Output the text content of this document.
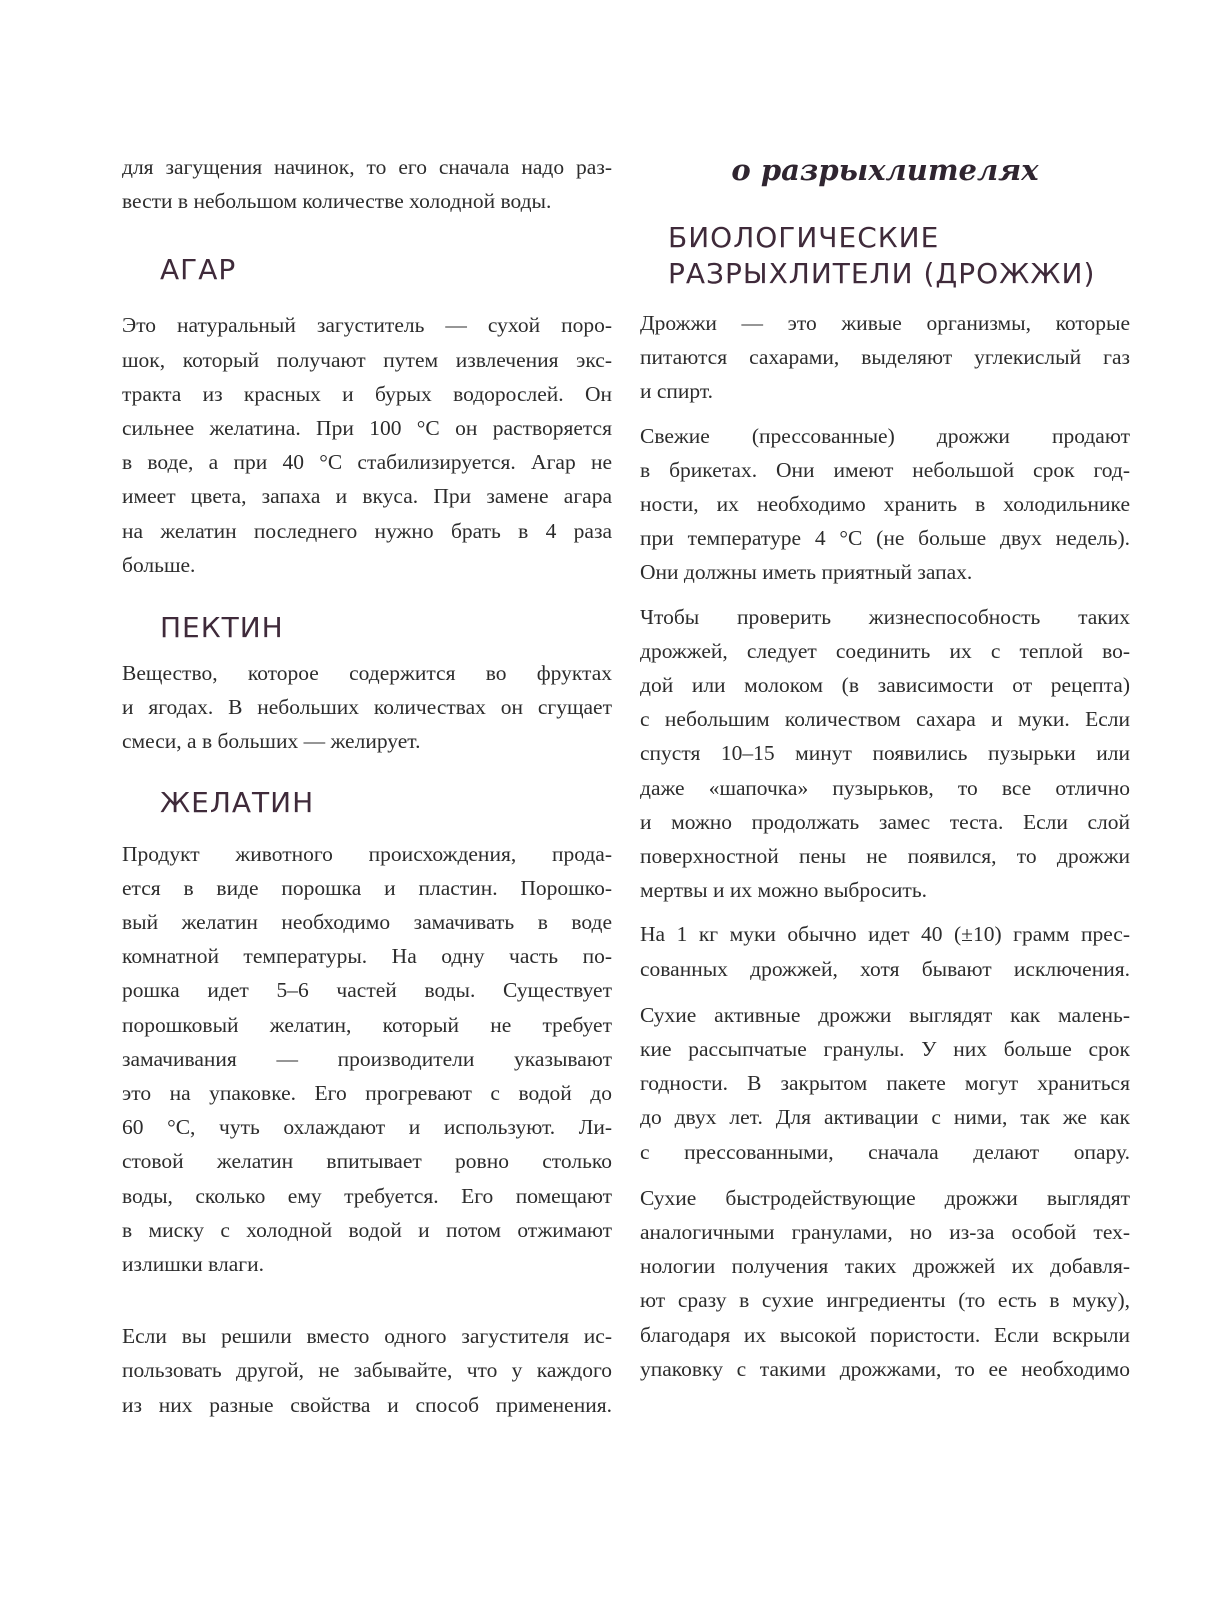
для загущения начинок, то его сначала надо раз-
вести в небольшом количестве холодной воды.

АГАР

Это натуральный загуститель — сухой поро-
шок, который получают путем извлечения экс-
тракта из красных и бурых водорослей. Он
сильнее желатина. При 100 °С он растворяется
в воде, а при 40 °С стабилизируется. Агар не
имеет цвета, запаха и вкуса. При замене агара
на желатин последнего нужно брать в 4 раза
больше.

ПЕКТИН

Вещество, которое содержится во фруктах
и ягодах. В небольших количествах он сгущает
смеси, а в больших — желирует.

ЖЕЛАТИН

Продукт животного происхождения, прода-
ется в виде порошка и пластин. Порошко-
вый желатин необходимо замачивать в воде
комнатной температуры. На одну часть по-
рошка идет 5–6 частей воды. Существует
порошковый желатин, который не требует
замачивания — производители указывают
это на упаковке. Его прогревают с водой до
60 °С, чуть охлаждают и используют. Ли-
стовой желатин впитывает ровно столько
воды, сколько ему требуется. Его помещают
в миску с холодной водой и потом отжимают
излишки влаги.

Если вы решили вместо одного загустителя ис-
пользовать другой, не забывайте, что у каждого
из них разные свойства и способ применения.

о разрыхлителях
БИОЛОГИЧЕСКИЕ
РАЗРЫХЛИТЕЛИ (ДРОЖЖИ)

Дрожжи — это живые организмы, которые
питаются сахарами, выделяют углекислый газ
и спирт.

Свежие (прессованные) дрожжи продают
в брикетах. Они имеют небольшой срок год-
ности, их необходимо хранить в холодильнике
при температуре 4 °С (не больше двух недель).
Они должны иметь приятный запах.

Чтобы проверить жизнеспособность таких
дрожжей, следует соединить их с теплой во-
дой или молоком (в зависимости от рецепта)
с небольшим количеством сахара и муки. Если
спустя 10–15 минут появились пузырьки или
даже «шапочка» пузырьков, то все отлично
и можно продолжать замес теста. Если слой
поверхностной пены не появился, то дрожжи
мертвы и их можно выбросить.

На 1 кг муки обычно идет 40 (±10) грамм прес-
сованных дрожжей, хотя бывают исключения.

Сухие активные дрожжи выглядят как малень-
кие рассыпчатые гранулы. У них больше срок
годности. В закрытом пакете могут храниться
до двух лет. Для активации с ними, так же как
с прессованными, сначала делают опару.

Сухие быстродействующие дрожжи выглядят
аналогичными гранулами, но из-за особой тех-
нологии получения таких дрожжей их добавля-
ют сразу в сухие ингредиенты (то есть в муку),
благодаря их высокой пористости. Если вскрыли
упаковку с такими дрожжами, то ее необходимо
